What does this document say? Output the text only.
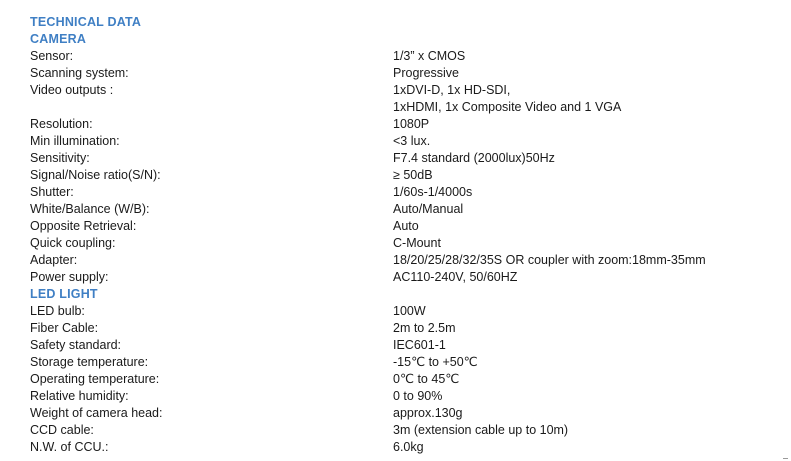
TECHNICAL DATA
CAMERA
Sensor:	1/3” x CMOS
Scanning system:	Progressive
Video outputs :	1xDVI-D, 1x HD-SDI,
1xHDMI, 1x Composite Video and 1 VGA
Resolution:	1080P
Min illumination:	<3 lux.
Sensitivity:	F7.4 standard (2000lux)50Hz
Signal/Noise ratio(S/N):	≥ 50dB
Shutter:	1/60s-1/4000s
White/Balance (W/B):	Auto/Manual
Opposite Retrieval:	Auto
Quick coupling:	C-Mount
Adapter:	18/20/25/28/32/35S OR coupler with zoom:18mm-35mm
Power supply:	AC110-240V, 50/60HZ
LED LIGHT
LED bulb:	100W
Fiber Cable:	2m to 2.5m
Safety standard:	IEC601-1
Storage temperature:	-15℃ to +50℃
Operating temperature:	0℃ to 45℃
Relative humidity:	0 to 90%
Weight of camera head:	approx.130g
CCD cable:	3m (extension cable up to 10m)
N.W. of CCU.:	6.0kg
